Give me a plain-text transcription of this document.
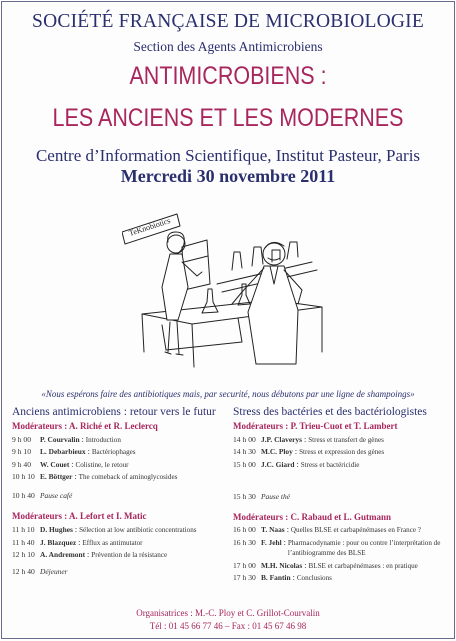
SOCIÉTÉ FRANÇAISE DE MICROBIOLOGIE
Section des Agents Antimicrobiens
ANTIMICROBIENS :
LES ANCIENS ET LES MODERNES
Centre d’Information Scientifique, Institut Pasteur, Paris
Mercredi 30 novembre 2011
TeKnobiotics
«Nous espérons faire des antibiotiques mais, par securité, nous débutons par une ligne de shampoings»
Anciens antimicrobiens : retour vers le futur
Modérateurs : A. Riché et R. Leclercq
9 h 00	P. Courvalin : Introduction
9 h 10	L. Debarbieux : Bactériophages
9 h 40	W. Couet : Colistine, le retour
10 h 10 E. Böttger : The comeback of aminoglycosides
10 h 40 Pause café
Modérateurs : A. Lefort et I. Matic
11 h 10 D. Hughes : Sélection at low antibiotic concentrations
11 h 40 J. Blazquez : Efflux as antimutator
12 h 10 A. Andremont : Prévention de la résistance
12 h 40 Déjeuner
Stress des bactéries et des bactériologistes
Modérateurs : P. Trieu-Cuot et T. Lambert
14 h 00 J.P. Claverys : Stress et transfert de gènes
14 h 30 M.C. Ploy : Stress et expression des gènes
15 h 00 J.C. Giard : Stress et bactéricidie
15 h 30 Pause thé
Modérateurs : C. Rabaud et L. Gutmann
16 h 00 T. Naas : Quelles BLSE et carbapénémases en France ?
16 h 30 F. Jehl : Pharmacodynamie : pour ou contre l’interprétation de l’antibiogramme des BLSE
17 h 00 M.H. Nicolas : BLSE et carbapénémases : en pratique
17 h 30 B. Fantin : Conclusions
Organisatrices : M.-C. Ploy et C. Grillot-Courvalin
Tél : 01 45 66 77 46 – Fax : 01 45 67 46 98
